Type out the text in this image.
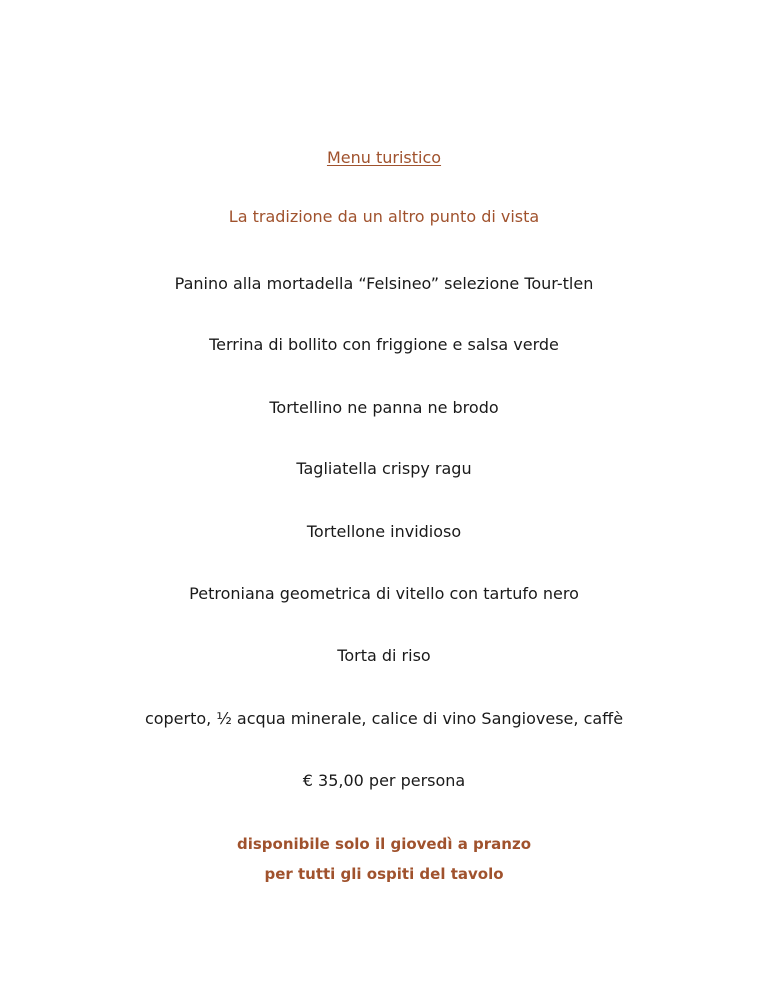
Menu turistico
La tradizione da un altro punto di vista
Panino alla mortadella “Felsineo” selezione Tour-tlen
Terrina di bollito con friggione e salsa verde
Tortellino ne panna ne brodo
Tagliatella crispy ragu
Tortellone invidioso
Petroniana geometrica di vitello con tartufo nero
Torta di riso
coperto, ½ acqua minerale, calice di vino Sangiovese, caffè
€ 35,00 per persona
disponibile solo il giovedì a pranzo
per tutti gli ospiti del tavolo
